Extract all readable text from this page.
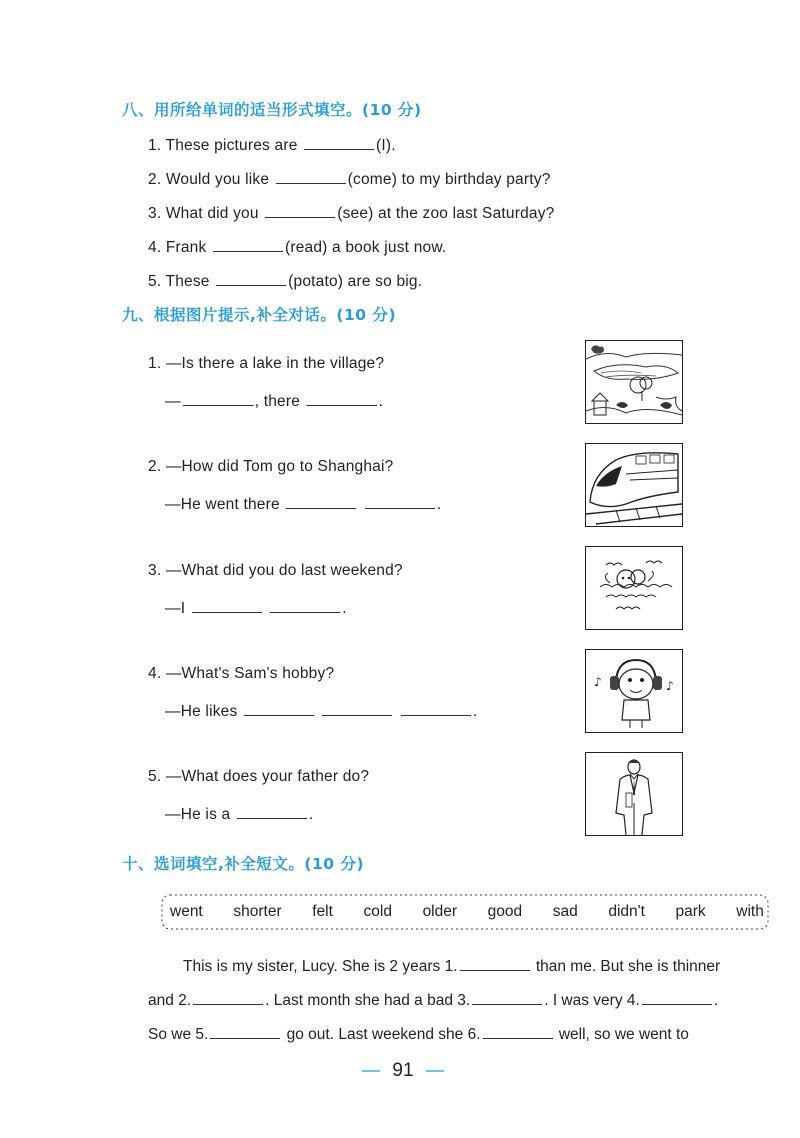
八、用所给单词的适当形式填空。(10 分)
1. These pictures are	(I).
2. Would you like	(come) to my birthday party?
3. What did you	(see) at the zoo last Saturday?
4. Frank	(read) a book just now.
5. These	(potato) are so big.
九、根据图片提示,补全对话。(10 分)
1. —Is there a lake in the village?
—	, there	.
2. —How did Tom go to Shanghai?
—He went there	.
3. —What did you do last weekend?
—I	.
4. —What's Sam's hobby?
—He likes	.
♪	♪
5. —What does your father do?
—He is a	.
十、选词填空,补全短文。(10 分)
went shorter felt cold older good sad didn't park with
This is my sister, Lucy. She is 2 years 1.	than me. But she is thinner
and 2.	. Last month she had a bad 3.	. I was very 4.	.
So we 5.	go out. Last weekend she 6.	well, so we went to
91
